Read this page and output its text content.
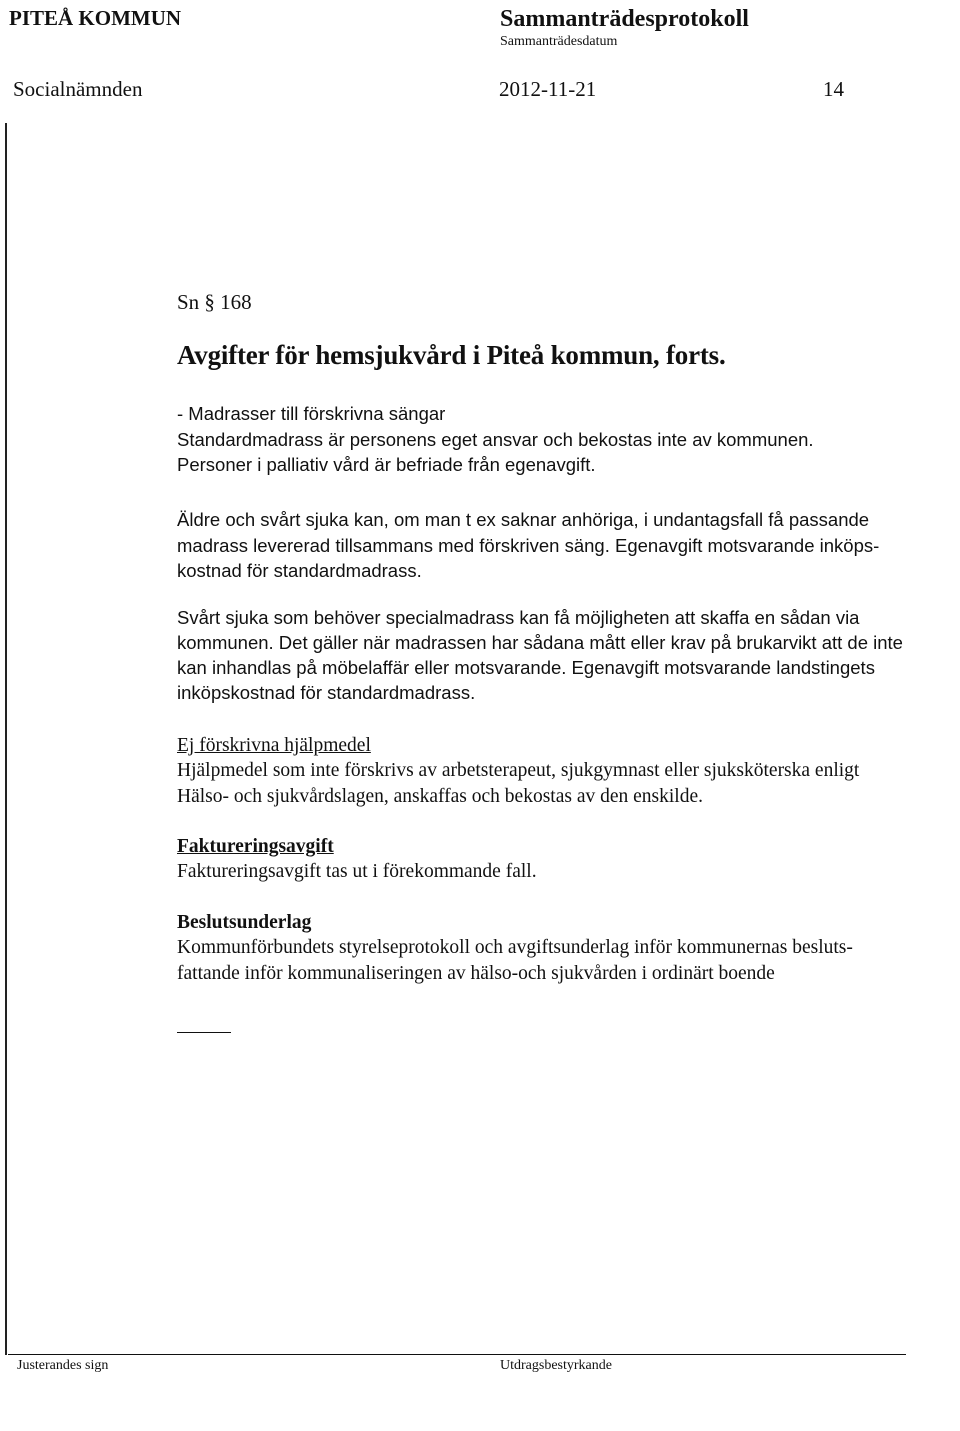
PITEÅ KOMMUN	Sammanträdesprotokoll
Sammanträdesdatum
Socialnämnden	2012-11-21	14
Sn § 168
Avgifter för hemsjukvård i Piteå kommun, forts.
- Madrasser till förskrivna sängar
Standardmadrass är personens eget ansvar och bekostas inte av kommunen.
Personer i palliativ vård är befriade från egenavgift.
Äldre och svårt sjuka kan, om man t ex saknar anhöriga, i undantagsfall få passande
madrass levererad tillsammans med förskriven säng. Egenavgift motsvarande inköps-
kostnad för standardmadrass.
Svårt sjuka som behöver specialmadrass kan få möjligheten att skaffa en sådan via
kommunen. Det gäller när madrassen har sådana mått eller krav på brukarvikt att de inte
kan inhandlas på möbelaffär eller motsvarande. Egenavgift motsvarande landstingets
inköpskostnad för standardmadrass.
Ej förskrivna hjälpmedel
Hjälpmedel som inte förskrivs av arbetsterapeut, sjukgymnast eller sjuksköterska enligt
Hälso- och sjukvårdslagen, anskaffas och bekostas av den enskilde.
Faktureringsavgift
Faktureringsavgift tas ut i förekommande fall.
Beslutsunderlag
Kommunförbundets styrelseprotokoll och avgiftsunderlag inför kommunernas besluts-
fattande inför kommunaliseringen av hälso-och sjukvården i ordinärt boende
Justerandes sign	Utdragsbestyrkande
